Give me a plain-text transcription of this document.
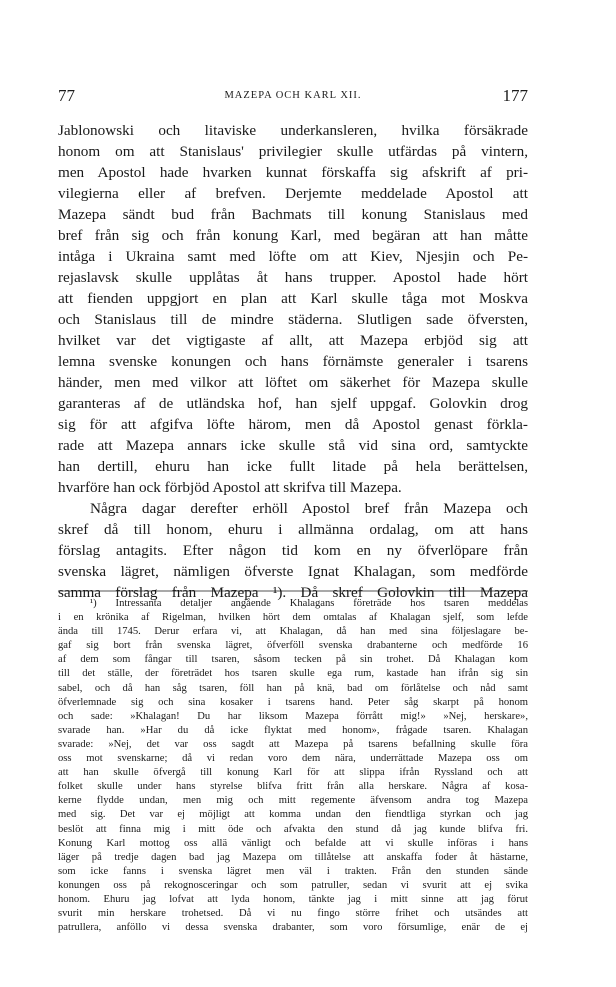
77	MAZEPA OCH KARL XII.	177
Jablonowski och litaviske underkansleren, hvilka försäkrade
honom om att Stanislaus' privilegier skulle utfärdas på vintern,
men Apostol hade hvarken kunnat förskaffa sig afskrift af pri-
vilegierna eller af brefven. Derjemte meddelade Apostol att
Mazepa sändt bud från Bachmats till konung Stanislaus med
bref från sig och från konung Karl, med begäran att han måtte
intåga i Ukraina samt med löfte om att Kiev, Njesjin och Pe-
rejaslavsk skulle upplåtas åt hans trupper. Apostol hade hört
att fienden uppgjort en plan att Karl skulle tåga mot Moskva
och Stanislaus till de mindre städerna. Slutligen sade öfversten,
hvilket var det vigtigaste af allt, att Mazepa erbjöd sig att
lemna svenske konungen och hans förnämste generaler i tsarens
händer, men med vilkor att löftet om säkerhet för Mazepa skulle
garanteras af de utländska hof, han sjelf uppgaf. Golovkin drog
sig för att afgifva löfte härom, men då Apostol genast förkla-
rade att Mazepa annars icke skulle stå vid sina ord, samtyckte
han dertill, ehuru han icke fullt litade på hela berättelsen,
hvarföre han ock förbjöd Apostol att skrifva till Mazepa.
Några dagar derefter erhöll Apostol bref från Mazepa och
skref då till honom, ehuru i allmänna ordalag, om att hans
förslag antagits. Efter någon tid kom en ny öfverlöpare från
svenska lägret, nämligen öfverste Ignat Khalagan, som medförde
samma förslag från Mazepa ¹). Då skref Golovkin till Mazepa
¹) Intressanta detaljer angående Khalagans företräde hos tsaren meddelas
i en krönika af Rigelman, hvilken hört dem omtalas af Khalagan sjelf, som lefde
ända till 1745. Derur erfara vi, att Khalagan, då han med sina följeslagare be-
gaf sig bort från svenska lägret, öfverföll svenska drabanterne och medförde 16
af dem som fångar till tsaren, såsom tecken på sin trohet. Då Khalagan kom
till det ställe, der företrädet hos tsaren skulle ega rum, kastade han ifrån sig sin
sabel, och då han såg tsaren, föll han på knä, bad om förlåtelse och nåd samt
öfverlemnade sig och sina kosaker i tsarens hand. Peter såg skarpt på honom
och sade: »Khalagan! Du har liksom Mazepa förrått mig!» »Nej, herskare»,
svarade han. »Har du då icke flyktat med honom», frågade tsaren. Khalagan
svarade: »Nej, det var oss sagdt att Mazepa på tsarens befallning skulle föra
oss mot svenskarne; då vi redan voro dem nära, underrättade Mazepa oss om
att han skulle öfvergå till konung Karl för att slippa ifrån Ryssland och att
folket skulle under hans styrelse blifva fritt från alla herskare. Några af kosa-
kerne flydde undan, men mig och mitt regemente äfvensom andra tog Mazepa
med sig. Det var ej möjligt att komma undan den fiendtliga styrkan och jag
beslöt att finna mig i mitt öde och afvakta den stund då jag kunde blifva fri.
Konung Karl mottog oss allä vänligt och befalde att vi skulle införas i hans
läger på tredje dagen bad jag Mazepa om tillåtelse att anskaffa foder åt hästarne,
som icke fanns i svenska lägret men väl i trakten. Från den stunden sände
konungen oss på rekognosceringar och som patruller, sedan vi svurit att ej svika
honom. Ehuru jag lofvat att lyda honom, tänkte jag i mitt sinne att jag förut
svurit min herskare trohetsed. Då vi nu fingo större frihet och utsändes att
patrullera, anföllo vi dessa svenska drabanter, som voro försumlige, enär de ej
